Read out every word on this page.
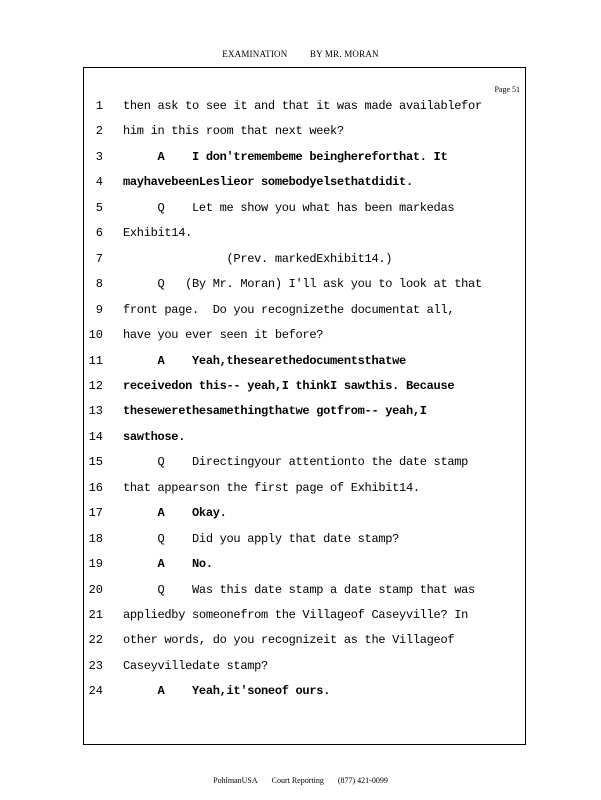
EXAMINATION BY MR. MORAN
Page 51
1 then ask to see it and that it was made availablefor
2 him in this room that next week?
3 A    I don'tremembeme beinghereforthat. It
4 mayhavebeenLeslieor somebodyelsethatdidit.
5 Q    Let me show you what has been markedas
6 Exhibit14.
7 (Prev. markedExhibit14.)
8 Q   (By Mr. Moran) I'll ask you to look at that
9 front page.  Do you recognizethe documentat all,
10 have you ever seen it before?
11 A    Yeah,thesearethedocumentsthatwe
12 receivedon this-- yeah,I thinkI sawthis. Because
13 thesewerethesamethingthatwe gotfrom-- yeah,I
14 sawthose.
15 Q    Directingyour attentionto the date stamp
16 that appearson the first page of Exhibit14.
17 A    Okay.
18 Q    Did you apply that date stamp?
19 A    No.
20 Q    Was this date stamp a date stamp that was
21 appliedby someonefrom the Villageof Caseyville? In
22 other words, do you recognizeit as the Villageof
23 Caseyvilledate stamp?
24 A    Yeah,it'soneof ours.
PohlmanUSA Court Reporting (877) 421-0099
